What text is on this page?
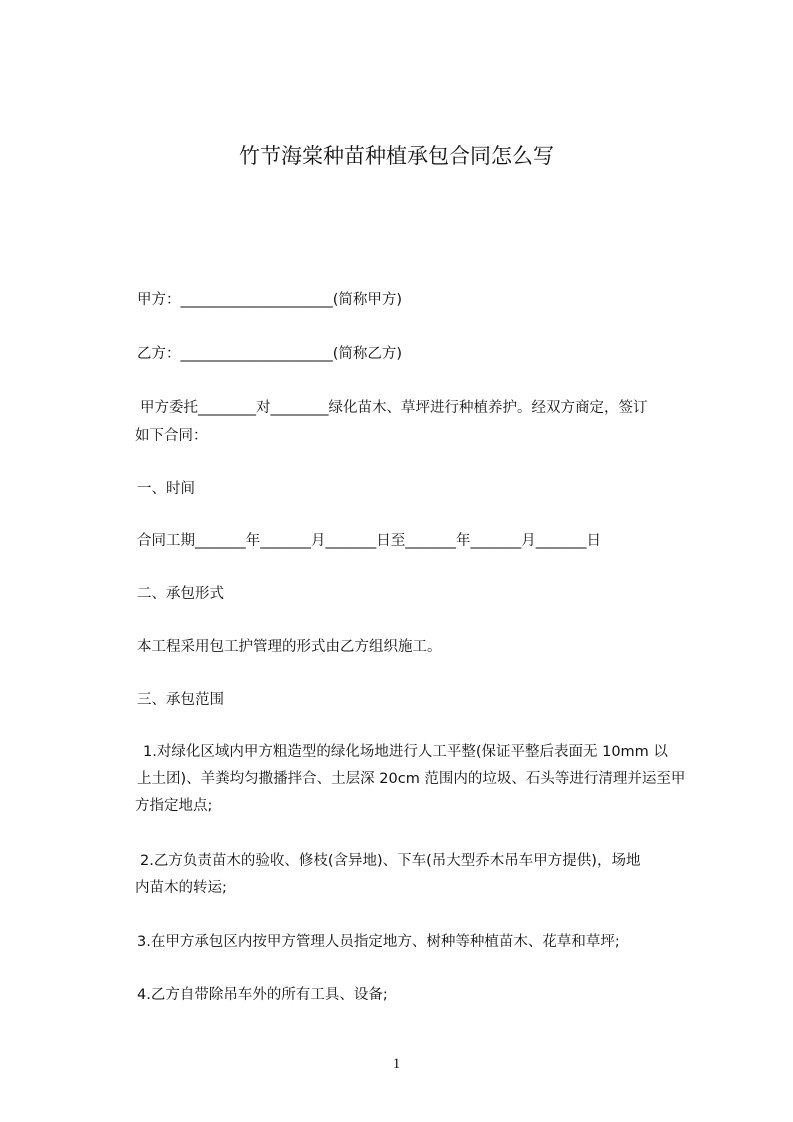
竹节海棠种苗种植承包合同怎么写
甲方：_____________________(简称甲方)
乙方：_____________________(简称乙方)
甲方委托________对________绿化苗木、草坪进行种植养护。经双方商定，签订
如下合同：
一、时间
合同工期_______年_______月_______日至_______年_______月_______日
二、承包形式
本工程采用包工护管理的形式由乙方组织施工。
三、承包范围
1.对绿化区域内甲方粗造型的绿化场地进行人工平整(保证平整后表面无 10mm 以
上土团)、羊粪均匀撒播拌合、土层深 20cm 范围内的垃圾、石头等进行清理并运至甲
方指定地点;
2.乙方负责苗木的验收、修枝(含异地)、下车(吊大型乔木吊车甲方提供)，场地
内苗木的转运;
3.在甲方承包区内按甲方管理人员指定地方、树种等种植苗木、花草和草坪;
4.乙方自带除吊车外的所有工具、设备;
1
